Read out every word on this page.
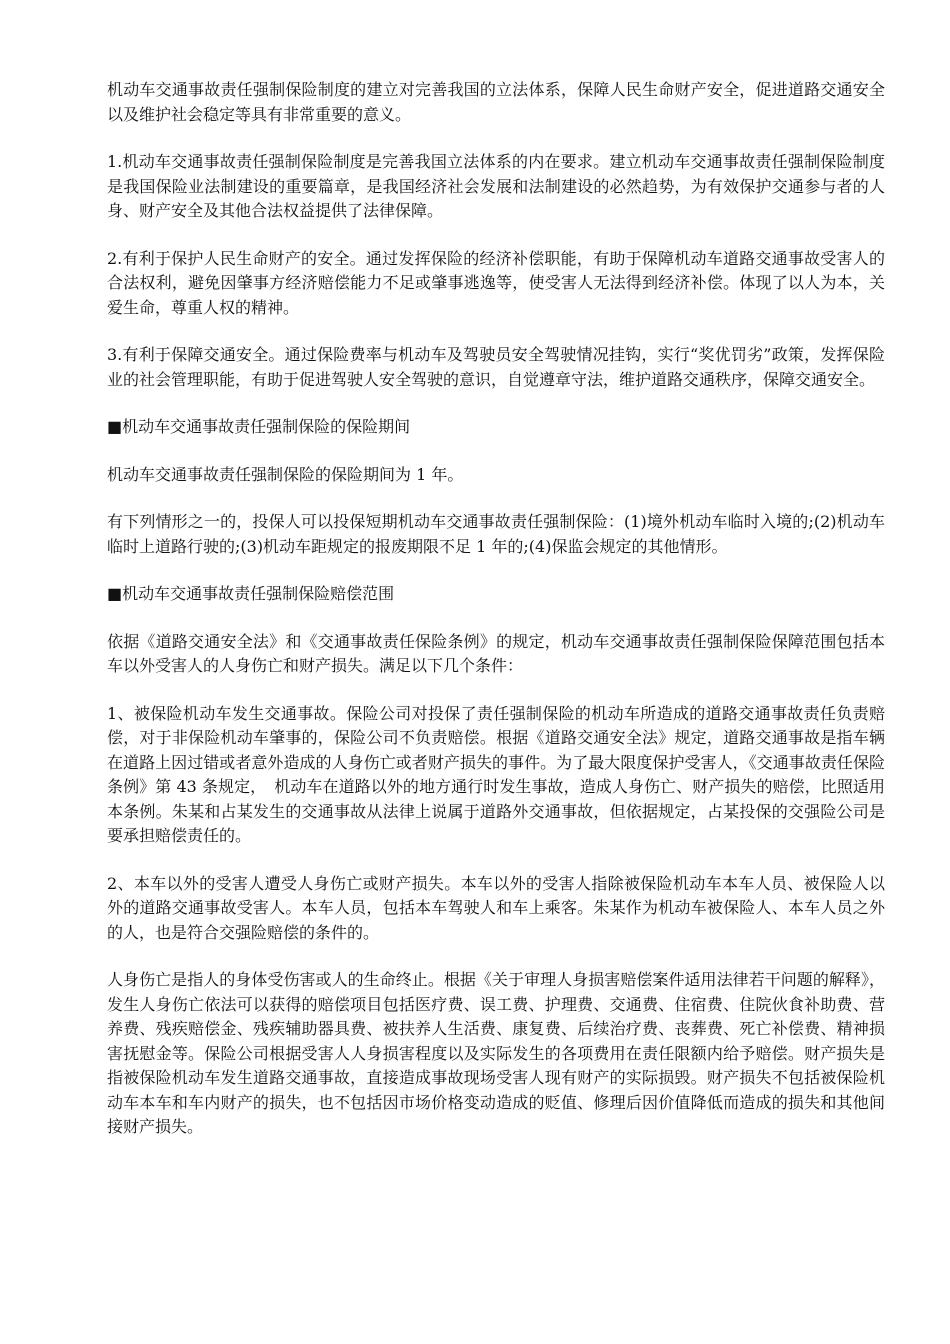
机动车交通事故责任强制保险制度的建立对完善我国的立法体系，保障人民生命财产安全，促进道路交通安全以及维护社会稳定等具有非常重要的意义。

1.机动车交通事故责任强制保险制度是完善我国立法体系的内在要求。建立机动车交通事故责任强制保险制度是我国保险业法制建设的重要篇章，是我国经济社会发展和法制建设的必然趋势，为有效保护交通参与者的人身、财产安全及其他合法权益提供了法律保障。

2.有利于保护人民生命财产的安全。通过发挥保险的经济补偿职能，有助于保障机动车道路交通事故受害人的合法权利，避免因肇事方经济赔偿能力不足或肇事逃逸等，使受害人无法得到经济补偿。体现了以人为本，关爱生命，尊重人权的精神。

3.有利于保障交通安全。通过保险费率与机动车及驾驶员安全驾驶情况挂钩，实行“奖优罚劣”政策，发挥保险业的社会管理职能，有助于促进驾驶人安全驾驶的意识，自觉遵章守法，维护道路交通秩序，保障交通安全。

■机动车交通事故责任强制保险的保险期间

机动车交通事故责任强制保险的保险期间为 1 年。

有下列情形之一的，投保人可以投保短期机动车交通事故责任强制保险：(1)境外机动车临时入境的;(2)机动车临时上道路行驶的;(3)机动车距规定的报废期限不足 1 年的;(4)保监会规定的其他情形。

■机动车交通事故责任强制保险赔偿范围

依据《道路交通安全法》和《交通事故责任保险条例》的规定，机动车交通事故责任强制保险保障范围包括本车以外受害人的人身伤亡和财产损失。满足以下几个条件：

1、被保险机动车发生交通事故。保险公司对投保了责任强制保险的机动车所造成的道路交通事故责任负责赔偿，对于非保险机动车肇事的，保险公司不负责赔偿。根据《道路交通安全法》规定，道路交通事故是指车辆在道路上因过错或者意外造成的人身伤亡或者财产损失的事件。为了最大限度保护受害人，《交通事故责任保险条例》第 43 条规定，　机动车在道路以外的地方通行时发生事故，造成人身伤亡、财产损失的赔偿，比照适用本条例。朱某和占某发生的交通事故从法律上说属于道路外交通事故，但依据规定，占某投保的交强险公司是要承担赔偿责任的。

2、本车以外的受害人遭受人身伤亡或财产损失。本车以外的受害人指除被保险机动车本车人员、被保险人以外的道路交通事故受害人。本车人员，包括本车驾驶人和车上乘客。朱某作为机动车被保险人、本车人员之外的人，也是符合交强险赔偿的条件的。

人身伤亡是指人的身体受伤害或人的生命终止。根据《关于审理人身损害赔偿案件适用法律若干问题的解释》，发生人身伤亡依法可以获得的赔偿项目包括医疗费、误工费、护理费、交通费、住宿费、住院伙食补助费、营养费、残疾赔偿金、残疾辅助器具费、被扶养人生活费、康复费、后续治疗费、丧葬费、死亡补偿费、精神损害抚慰金等。保险公司根据受害人人身损害程度以及实际发生的各项费用在责任限额内给予赔偿。财产损失是指被保险机动车发生道路交通事故，直接造成事故现场受害人现有财产的实际损毁。财产损失不包括被保险机动车本车和车内财产的损失，也不包括因市场价格变动造成的贬值、修理后因价值降低而造成的损失和其他间接财产损失。
